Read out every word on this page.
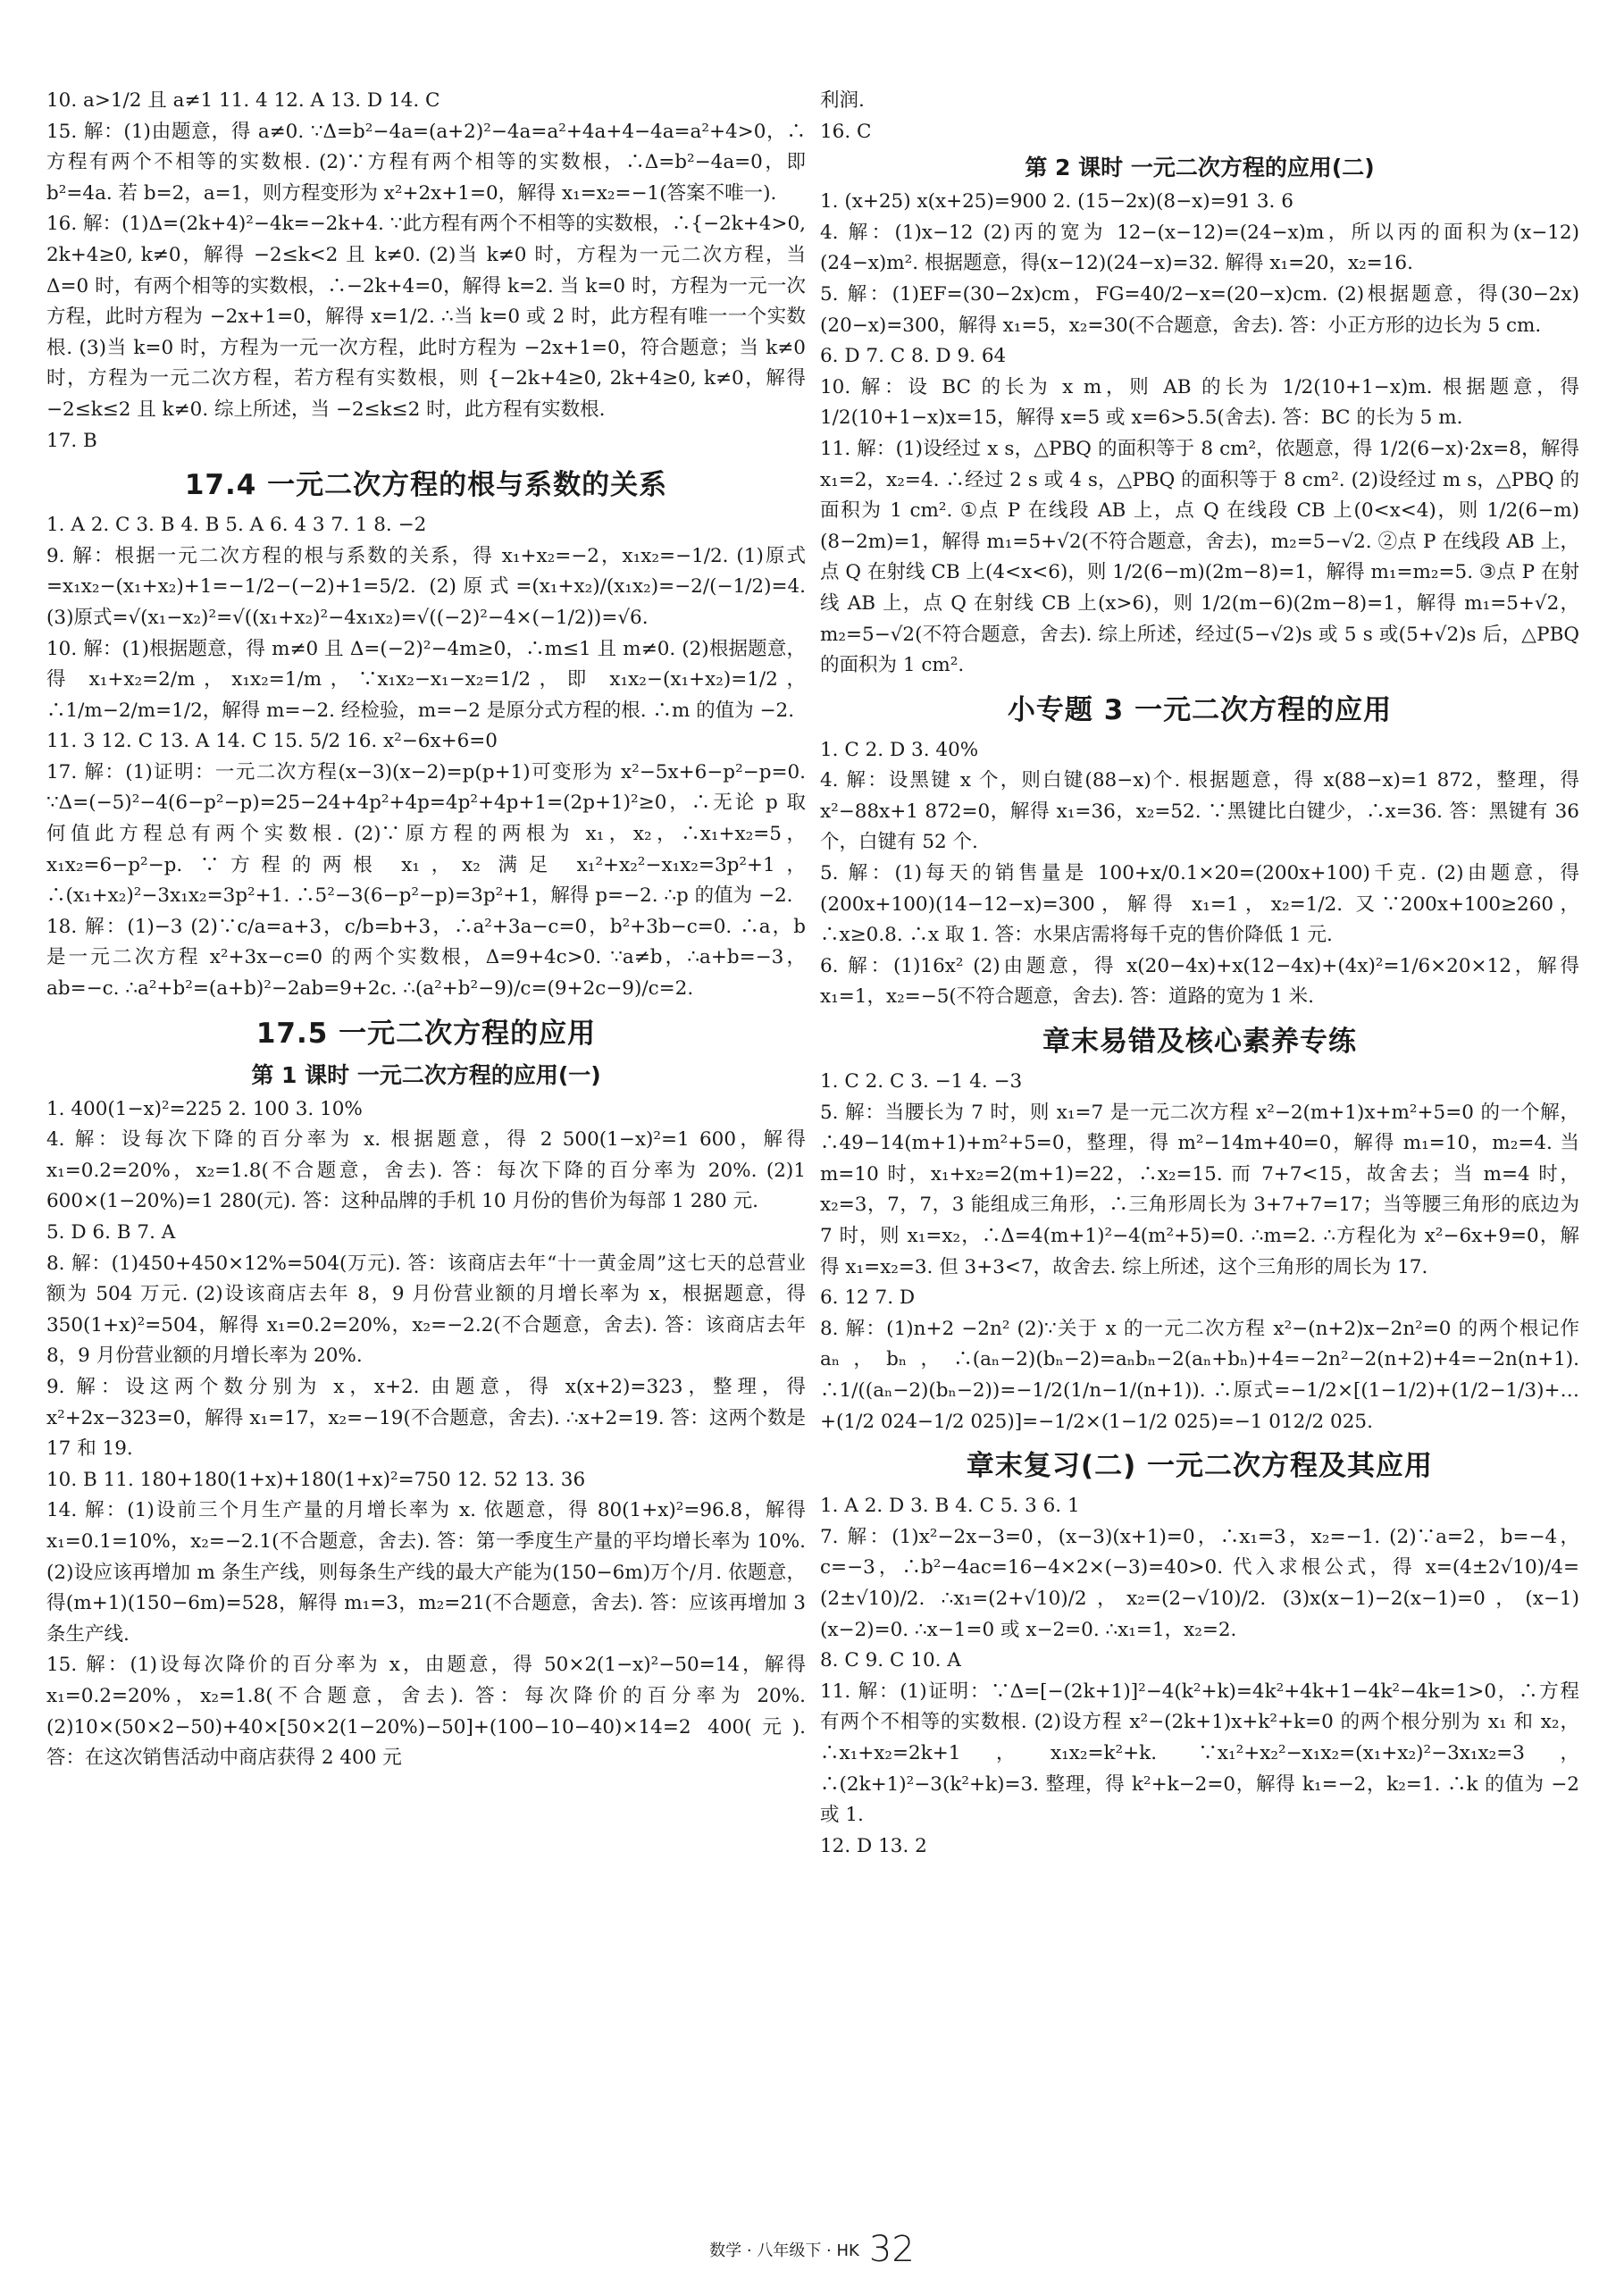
10. a>1/2 且 a≠1 11. 4 12. A 13. D 14. C

15. 解：(1)由题意，得 a≠0. ∵Δ=b²−4a=(a+2)²−4a=a²+4a+4−4a=a²+4>0，∴方程有两个不相等的实数根. (2)∵方程有两个相等的实数根，∴Δ=b²−4a=0，即 b²=4a. 若 b=2，a=1，则方程变形为 x²+2x+1=0，解得 x₁=x₂=−1(答案不唯一).

16. 解：(1)Δ=(2k+4)²−4k=−2k+4. ∵此方程有两个不相等的实数根，∴{−2k+4>0, 2k+4≥0, k≠0，解得 −2≤k<2 且 k≠0. (2)当 k≠0 时，方程为一元二次方程，当 Δ=0 时，有两个相等的实数根，∴−2k+4=0，解得 k=2. 当 k=0 时，方程为一元一次方程，此时方程为 −2x+1=0，解得 x=1/2. ∴当 k=0 或 2 时，此方程有唯一一个实数根. (3)当 k=0 时，方程为一元一次方程，此时方程为 −2x+1=0，符合题意；当 k≠0 时，方程为一元二次方程，若方程有实数根，则 {−2k+4≥0, 2k+4≥0, k≠0，解得 −2≤k≤2 且 k≠0. 综上所述，当 −2≤k≤2 时，此方程有实数根.

17. B

17.4 一元二次方程的根与系数的关系

1. A 2. C 3. B 4. B 5. A 6. 4 3 7. 1 8. −2

9. 解：根据一元二次方程的根与系数的关系，得 x₁+x₂=−2，x₁x₂=−1/2. (1)原式=x₁x₂−(x₁+x₂)+1=−1/2−(−2)+1=5/2. (2)原式=(x₁+x₂)/(x₁x₂)=−2/(−1/2)=4. (3)原式=√(x₁−x₂)²=√((x₁+x₂)²−4x₁x₂)=√((−2)²−4×(−1/2))=√6.

10. 解：(1)根据题意，得 m≠0 且 Δ=(−2)²−4m≥0，∴m≤1 且 m≠0. (2)根据题意，得 x₁+x₂=2/m，x₁x₂=1/m，∵x₁x₂−x₁−x₂=1/2，即 x₁x₂−(x₁+x₂)=1/2，∴1/m−2/m=1/2，解得 m=−2. 经检验，m=−2 是原分式方程的根. ∴m 的值为 −2.

11. 3 12. C 13. A 14. C 15. 5/2 16. x²−6x+6=0

17. 解：(1)证明：一元二次方程(x−3)(x−2)=p(p+1)可变形为 x²−5x+6−p²−p=0. ∵Δ=(−5)²−4(6−p²−p)=25−24+4p²+4p=4p²+4p+1=(2p+1)²≥0，∴无论 p 取何值此方程总有两个实数根. (2)∵原方程的两根为 x₁，x₂，∴x₁+x₂=5，x₁x₂=6−p²−p. ∵方程的两根 x₁，x₂ 满足 x₁²+x₂²−x₁x₂=3p²+1，∴(x₁+x₂)²−3x₁x₂=3p²+1. ∴5²−3(6−p²−p)=3p²+1，解得 p=−2. ∴p 的值为 −2.

18. 解：(1)−3 (2)∵c/a=a+3，c/b=b+3，∴a²+3a−c=0，b²+3b−c=0. ∴a，b 是一元二次方程 x²+3x−c=0 的两个实数根，Δ=9+4c>0. ∵a≠b，∴a+b=−3，ab=−c. ∴a²+b²=(a+b)²−2ab=9+2c. ∴(a²+b²−9)/c=(9+2c−9)/c=2.

17.5 一元二次方程的应用
第 1 课时 一元二次方程的应用(一)

1. 400(1−x)²=225 2. 100 3. 10%

4. 解：设每次下降的百分率为 x. 根据题意，得 2 500(1−x)²=1 600，解得 x₁=0.2=20%，x₂=1.8(不合题意，舍去). 答：每次下降的百分率为 20%. (2)1 600×(1−20%)=1 280(元). 答：这种品牌的手机 10 月份的售价为每部 1 280 元.

5. D 6. B 7. A

8. 解：(1)450+450×12%=504(万元). 答：该商店去年“十一黄金周”这七天的总营业额为 504 万元. (2)设该商店去年 8，9 月份营业额的月增长率为 x，根据题意，得 350(1+x)²=504，解得 x₁=0.2=20%，x₂=−2.2(不合题意，舍去). 答：该商店去年 8，9 月份营业额的月增长率为 20%.

9. 解：设这两个数分别为 x，x+2. 由题意，得 x(x+2)=323，整理，得 x²+2x−323=0，解得 x₁=17，x₂=−19(不合题意，舍去). ∴x+2=19. 答：这两个数是 17 和 19.

10. B 11. 180+180(1+x)+180(1+x)²=750 12. 52 13. 36

14. 解：(1)设前三个月生产量的月增长率为 x. 依题意，得 80(1+x)²=96.8，解得 x₁=0.1=10%，x₂=−2.1(不合题意，舍去). 答：第一季度生产量的平均增长率为 10%. (2)设应该再增加 m 条生产线，则每条生产线的最大产能为(150−6m)万个/月. 依题意，得(m+1)(150−6m)=528，解得 m₁=3，m₂=21(不合题意，舍去). 答：应该再增加 3 条生产线.

15. 解：(1)设每次降价的百分率为 x，由题意，得 50×2(1−x)²−50=14，解得 x₁=0.2=20%，x₂=1.8(不合题意，舍去). 答：每次降价的百分率为 20%. (2)10×(50×2−50)+40×[50×2(1−20%)−50]+(100−10−40)×14=2 400(元). 答：在这次销售活动中商店获得 2 400 元

利润.

16. C

第 2 课时 一元二次方程的应用(二)

1. (x+25) x(x+25)=900 2. (15−2x)(8−x)=91 3. 6

4. 解：(1)x−12 (2)丙的宽为 12−(x−12)=(24−x)m，所以丙的面积为(x−12)(24−x)m². 根据题意，得(x−12)(24−x)=32. 解得 x₁=20，x₂=16.

5. 解：(1)EF=(30−2x)cm，FG=40/2−x=(20−x)cm. (2)根据题意，得(30−2x)(20−x)=300，解得 x₁=5，x₂=30(不合题意，舍去). 答：小正方形的边长为 5 cm.

6. D 7. C 8. D 9. 64

10. 解：设 BC 的长为 x m，则 AB 的长为 1/2(10+1−x)m. 根据题意，得 1/2(10+1−x)x=15，解得 x=5 或 x=6>5.5(舍去). 答：BC 的长为 5 m.

11. 解：(1)设经过 x s，△PBQ 的面积等于 8 cm²，依题意，得 1/2(6−x)·2x=8，解得 x₁=2，x₂=4. ∴经过 2 s 或 4 s，△PBQ 的面积等于 8 cm². (2)设经过 m s，△PBQ 的面积为 1 cm². ①点 P 在线段 AB 上，点 Q 在线段 CB 上(0<x<4)，则 1/2(6−m)(8−2m)=1，解得 m₁=5+√2(不符合题意，舍去)，m₂=5−√2. ②点 P 在线段 AB 上，点 Q 在射线 CB 上(4<x<6)，则 1/2(6−m)(2m−8)=1，解得 m₁=m₂=5. ③点 P 在射线 AB 上，点 Q 在射线 CB 上(x>6)，则 1/2(m−6)(2m−8)=1，解得 m₁=5+√2，m₂=5−√2(不符合题意，舍去). 综上所述，经过(5−√2)s 或 5 s 或(5+√2)s 后，△PBQ 的面积为 1 cm².

小专题 3 一元二次方程的应用

1. C 2. D 3. 40%

4. 解：设黑键 x 个，则白键(88−x)个. 根据题意，得 x(88−x)=1 872，整理，得 x²−88x+1 872=0，解得 x₁=36，x₂=52. ∵黑键比白键少，∴x=36. 答：黑键有 36 个，白键有 52 个.

5. 解：(1)每天的销售量是 100+x/0.1×20=(200x+100)千克. (2)由题意，得(200x+100)(14−12−x)=300，解得 x₁=1，x₂=1/2. 又∵200x+100≥260，∴x≥0.8. ∴x 取 1. 答：水果店需将每千克的售价降低 1 元.

6. 解：(1)16x² (2)由题意，得 x(20−4x)+x(12−4x)+(4x)²=1/6×20×12，解得 x₁=1，x₂=−5(不符合题意，舍去). 答：道路的宽为 1 米.

章末易错及核心素养专练

1. C 2. C 3. −1 4. −3

5. 解：当腰长为 7 时，则 x₁=7 是一元二次方程 x²−2(m+1)x+m²+5=0 的一个解，∴49−14(m+1)+m²+5=0，整理，得 m²−14m+40=0，解得 m₁=10，m₂=4. 当 m=10 时，x₁+x₂=2(m+1)=22，∴x₂=15. 而 7+7<15，故舍去；当 m=4 时，x₂=3，7，7，3 能组成三角形，∴三角形周长为 3+7+7=17；当等腰三角形的底边为 7 时，则 x₁=x₂，∴Δ=4(m+1)²−4(m²+5)=0. ∴m=2. ∴方程化为 x²−6x+9=0，解得 x₁=x₂=3. 但 3+3<7，故舍去. 综上所述，这个三角形的周长为 17.

6. 12 7. D

8. 解：(1)n+2 −2n² (2)∵关于 x 的一元二次方程 x²−(n+2)x−2n²=0 的两个根记作 aₙ，bₙ，∴(aₙ−2)(bₙ−2)=aₙbₙ−2(aₙ+bₙ)+4=−2n²−2(n+2)+4=−2n(n+1). ∴1/((aₙ−2)(bₙ−2))=−1/2(1/n−1/(n+1)). ∴原式=−1/2×[(1−1/2)+(1/2−1/3)+…+(1/2 024−1/2 025)]=−1/2×(1−1/2 025)=−1 012/2 025.

章末复习(二) 一元二次方程及其应用

1. A 2. D 3. B 4. C 5. 3 6. 1

7. 解：(1)x²−2x−3=0，(x−3)(x+1)=0，∴x₁=3，x₂=−1. (2)∵a=2，b=−4，c=−3，∴b²−4ac=16−4×2×(−3)=40>0. 代入求根公式，得 x=(4±2√10)/4=(2±√10)/2. ∴x₁=(2+√10)/2，x₂=(2−√10)/2. (3)x(x−1)−2(x−1)=0，(x−1)(x−2)=0. ∴x−1=0 或 x−2=0. ∴x₁=1，x₂=2.

8. C 9. C 10. A

11. 解：(1)证明：∵Δ=[−(2k+1)]²−4(k²+k)=4k²+4k+1−4k²−4k=1>0，∴方程有两个不相等的实数根. (2)设方程 x²−(2k+1)x+k²+k=0 的两个根分别为 x₁ 和 x₂，∴x₁+x₂=2k+1，x₁x₂=k²+k. ∵x₁²+x₂²−x₁x₂=(x₁+x₂)²−3x₁x₂=3，∴(2k+1)²−3(k²+k)=3. 整理，得 k²+k−2=0，解得 k₁=−2，k₂=1. ∴k 的值为 −2 或 1.

12. D 13. 2

数学 · 八年级下 · HK 32
